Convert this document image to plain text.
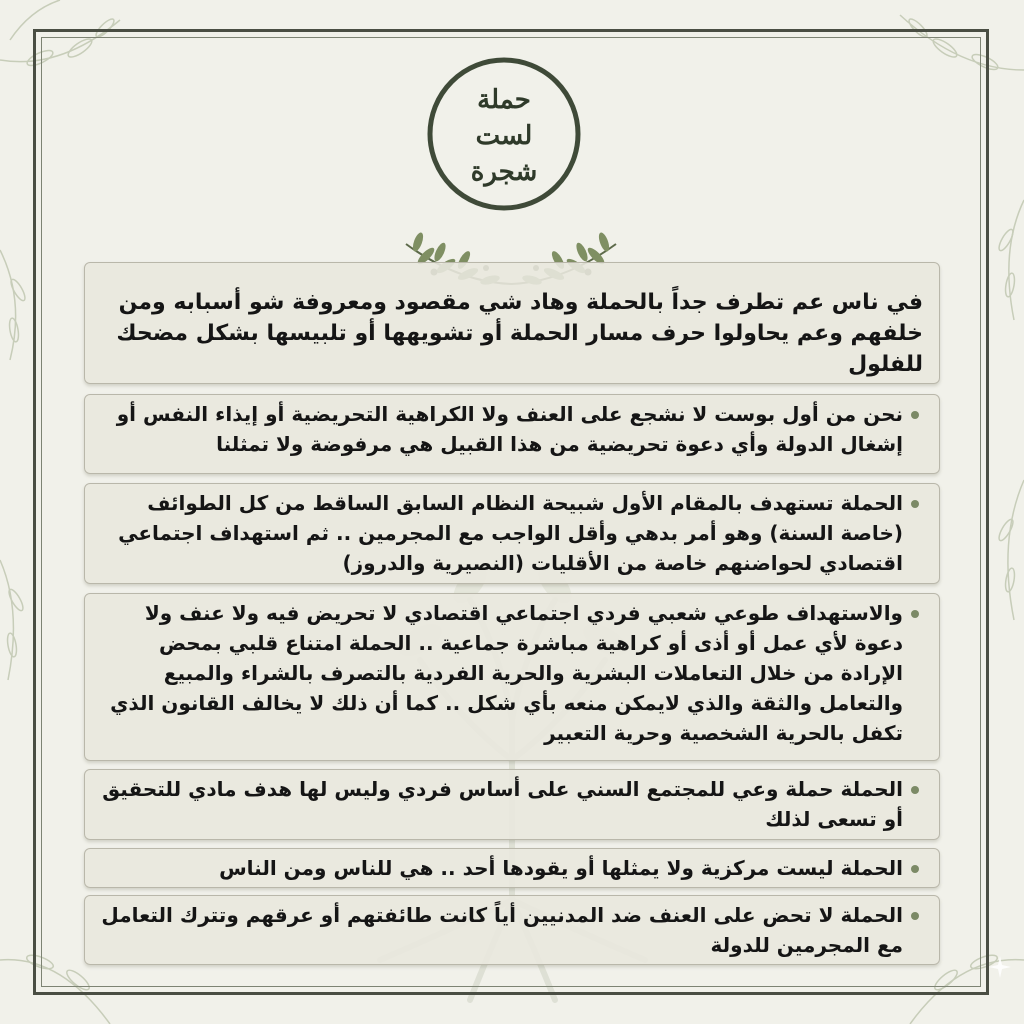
حملة
لست
شجرة
في ناس عم تطرف جداً بالحملة وهاد شي مقصود ومعروفة شو أسبابه ومن خلفهم وعم يحاولوا حرف مسار الحملة أو تشويهها أو تلبيسها بشكل مضحك للفلول
نحن من أول بوست لا نشجع على العنف ولا الكراهية التحريضية أو إيذاء النفس أو إشغال الدولة وأي دعوة تحريضية من هذا القبيل هي مرفوضة ولا تمثلنا
الحملة تستهدف بالمقام الأول شبيحة النظام السابق الساقط من كل الطوائف (خاصة السنة) وهو أمر بدهي وأقل الواجب مع المجرمين .. ثم استهداف اجتماعي اقتصادي لحواضنهم خاصة من الأقليات (النصيرية والدروز)
والاستهداف طوعي شعبي فردي اجتماعي اقتصادي لا تحريض فيه ولا عنف ولا دعوة لأي عمل أو أذى أو كراهية مباشرة جماعية .. الحملة امتناع قلبي بمحض الإرادة من خلال التعاملات البشرية والحرية الفردية بالتصرف بالشراء والمبيع والتعامل والثقة والذي لايمكن منعه بأي شكل .. كما أن ذلك لا يخالف القانون الذي تكفل بالحرية الشخصية وحرية التعبير
الحملة حملة وعي للمجتمع السني على أساس فردي وليس لها هدف مادي للتحقيق أو تسعى لذلك
الحملة ليست مركزية ولا يمثلها أو يقودها أحد .. هي للناس ومن الناس
الحملة لا تحض على العنف ضد المدنيين أياً كانت طائفتهم أو عرقهم وتترك التعامل مع المجرمين للدولة
